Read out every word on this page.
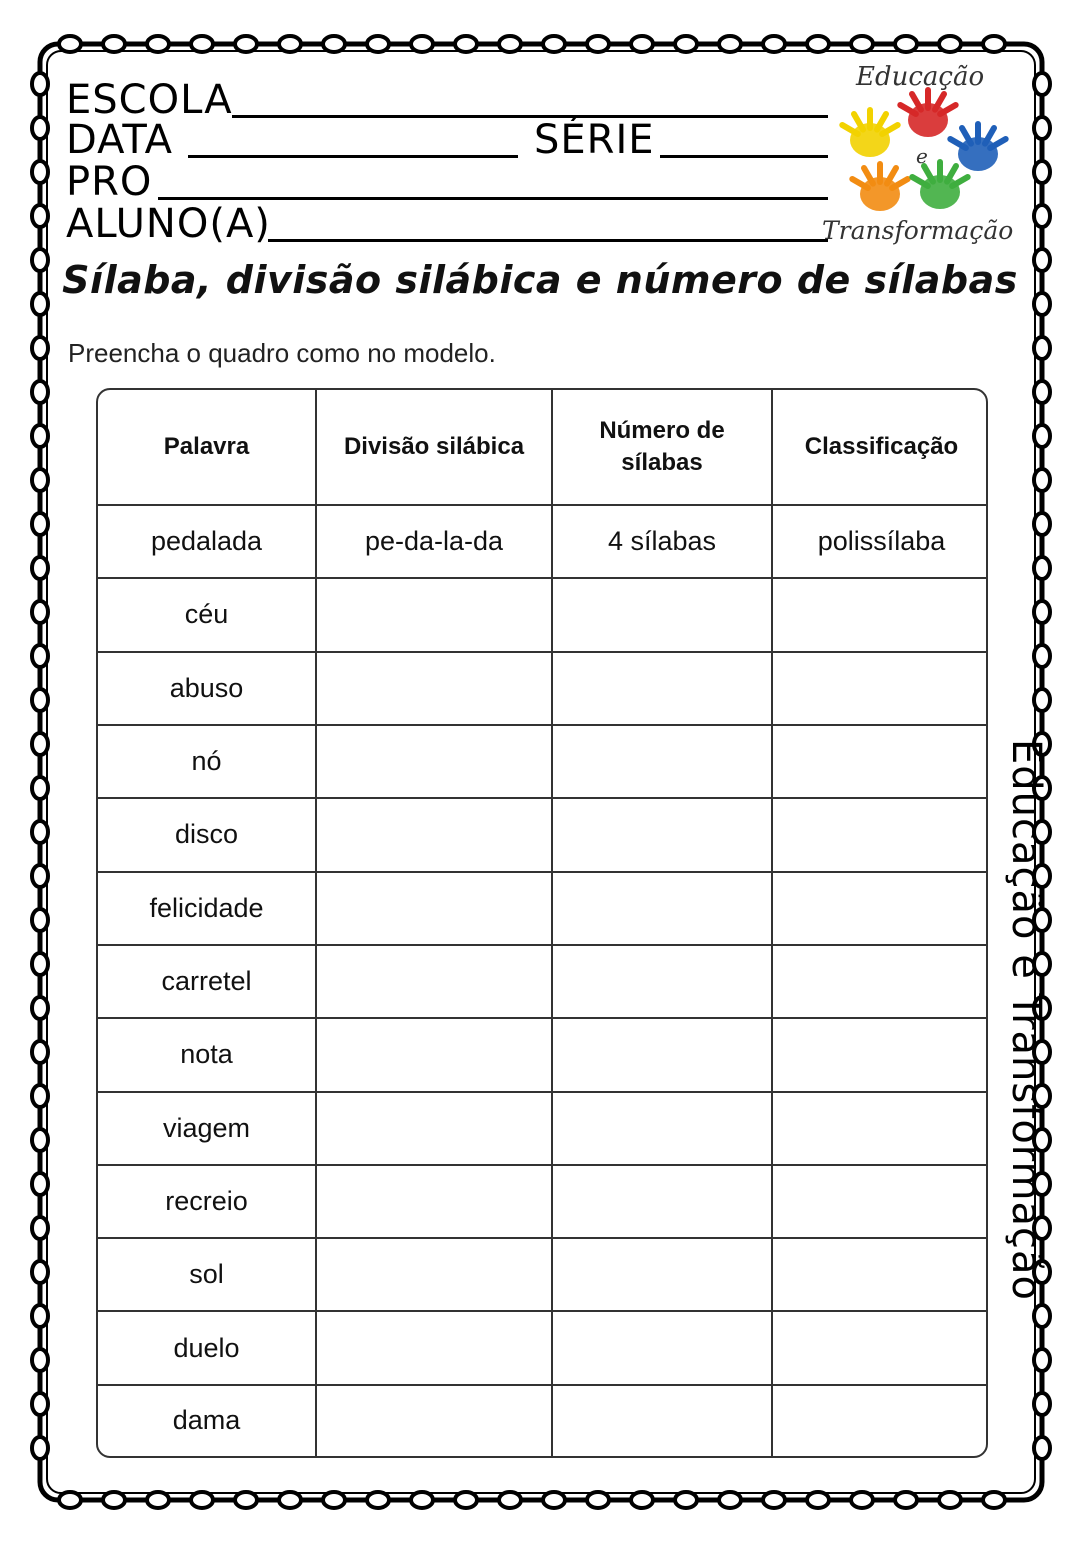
ESCOLA
DATA	SÉRIE
PRO
ALUNO(A)
Educação
e
Transformação
Sílaba, divisão silábica e número de sílabas
Preencha o quadro como no modelo.
Palavra	Divisão silábica	Número de sílabas	Classificação
pedalada	pe-da-la-da	4 sílabas	polissílaba
céu			
abuso			
nó			
disco			
felicidade			
carretel			
nota			
viagem			
recreio			
sol			
duelo			
dama			
Educação e Transformação
